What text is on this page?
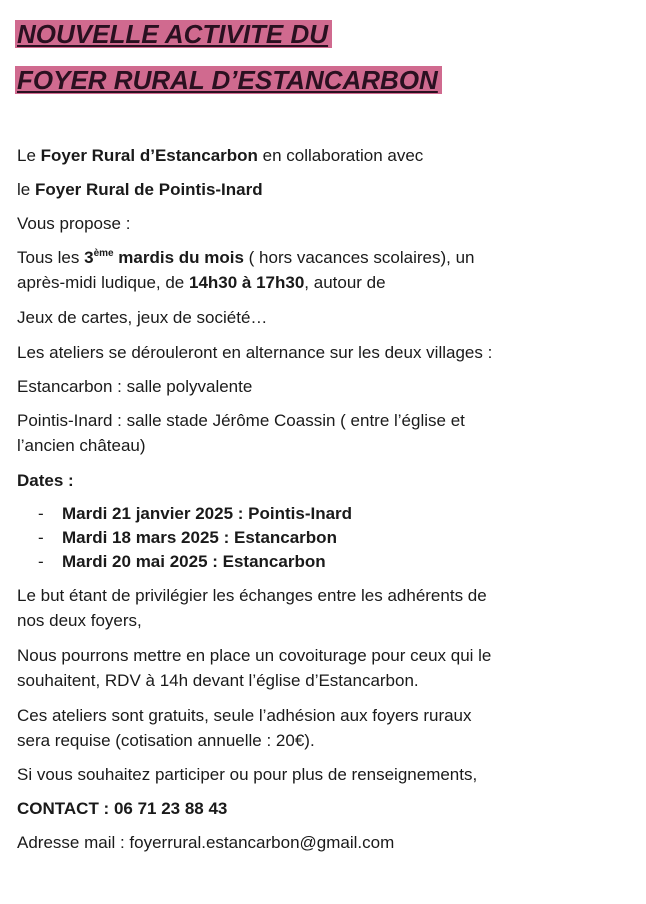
NOUVELLE ACTIVITE DU
FOYER RURAL D’ESTANCARBON
Le Foyer Rural d’Estancarbon en collaboration avec
le Foyer Rural de Pointis-Inard
Vous propose :
Tous les 3ème mardis du mois ( hors vacances scolaires), un
après-midi ludique, de 14h30 à 17h30, autour de
Jeux de cartes, jeux de société…
Les ateliers se dérouleront en alternance sur les deux villages :
Estancarbon : salle polyvalente
Pointis-Inard : salle stade Jérôme Coassin ( entre l’église et
l’ancien château)
Dates :
- Mardi 21 janvier 2025 : Pointis-Inard
- Mardi 18 mars 2025 : Estancarbon
- Mardi 20 mai 2025 : Estancarbon
Le but étant de privilégier les échanges entre les adhérents de
nos deux foyers,
Nous pourrons mettre en place un covoiturage pour ceux qui le
souhaitent, RDV à 14h devant l’église d’Estancarbon.
Ces ateliers sont gratuits, seule l’adhésion aux foyers ruraux
sera requise (cotisation annuelle : 20€).
Si vous souhaitez participer ou pour plus de renseignements,
CONTACT : 06 71 23 88 43
Adresse mail : foyerrural.estancarbon@gmail.com
